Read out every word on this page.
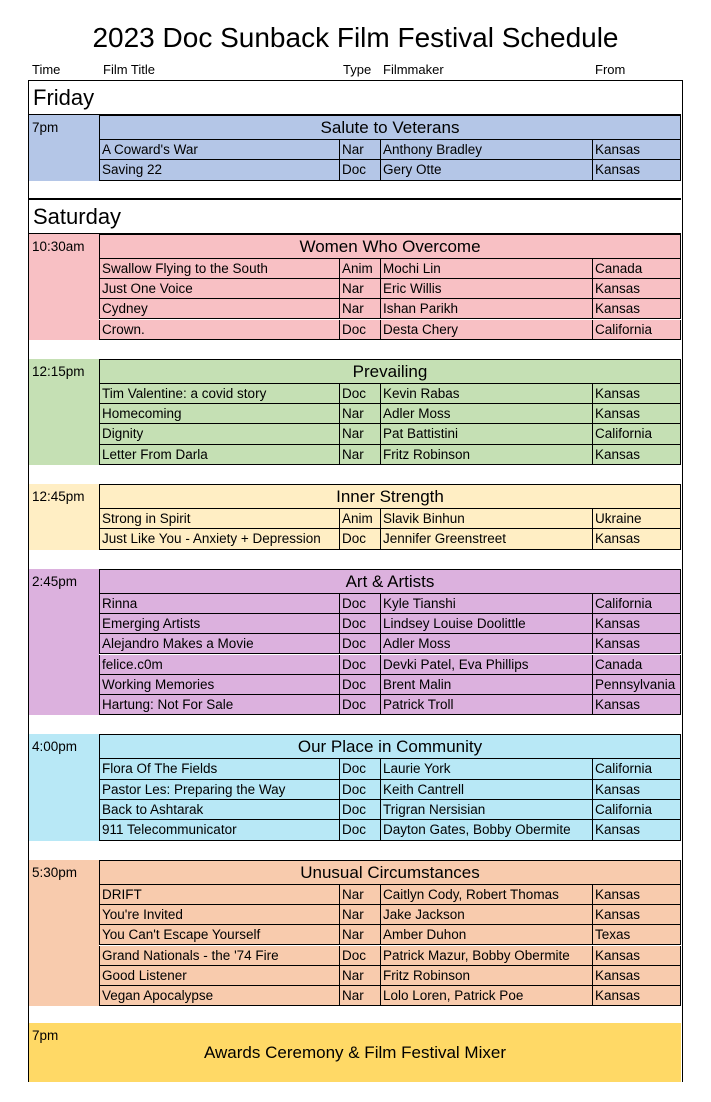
2023 Doc Sunback Film Festival Schedule
Time	Film Title	Type Filmmaker	From
Friday
7pm	Salute to Veterans
A Coward's War	Nar	Anthony Bradley	Kansas
Saving 22	Doc	Gery Otte	Kansas
Saturday
10:30am	Women Who Overcome
Swallow Flying to the South	Anim Mochi Lin	Canada
Just One Voice	Nar	Eric Willis	Kansas
Cydney	Nar	Ishan Parikh	Kansas
Crown.	Doc	Desta Chery	California
12:15pm	Prevailing
Tim Valentine: a covid story	Doc	Kevin Rabas	Kansas
Homecoming	Nar	Adler Moss	Kansas
Dignity	Nar	Pat Battistini	California
Letter From Darla	Nar	Fritz Robinson	Kansas
12:45pm	Inner Strength
Strong in Spirit	Anim Slavik Binhun	Ukraine
Just Like You - Anxiety + Depression	Doc	Jennifer Greenstreet	Kansas
2:45pm	Art & Artists
Rinna	Doc	Kyle Tianshi	California
Emerging Artists	Doc	Lindsey Louise Doolittle	Kansas
Alejandro Makes a Movie	Doc	Adler Moss	Kansas
felice.c0m	Doc	Devki Patel, Eva Phillips	Canada
Working Memories	Doc	Brent Malin	Pennsylvania
Hartung: Not For Sale	Doc	Patrick Troll	Kansas
4:00pm	Our Place in Community
Flora Of The Fields	Doc	Laurie York	California
Pastor Les: Preparing the Way	Doc	Keith Cantrell	Kansas
Back to Ashtarak	Doc	Trigran Nersisian	California
911 Telecommunicator	Doc	Dayton Gates, Bobby Obermite	Kansas
5:30pm	Unusual Circumstances
DRIFT	Nar	Caitlyn Cody, Robert Thomas	Kansas
You're Invited	Nar	Jake Jackson	Kansas
You Can't Escape Yourself	Nar	Amber Duhon	Texas
Grand Nationals - the '74 Fire	Doc	Patrick Mazur, Bobby Obermite	Kansas
Good Listener	Nar	Fritz Robinson	Kansas
Vegan Apocalypse	Nar	Lolo Loren, Patrick Poe	Kansas
7pm
Awards Ceremony & Film Festival Mixer
